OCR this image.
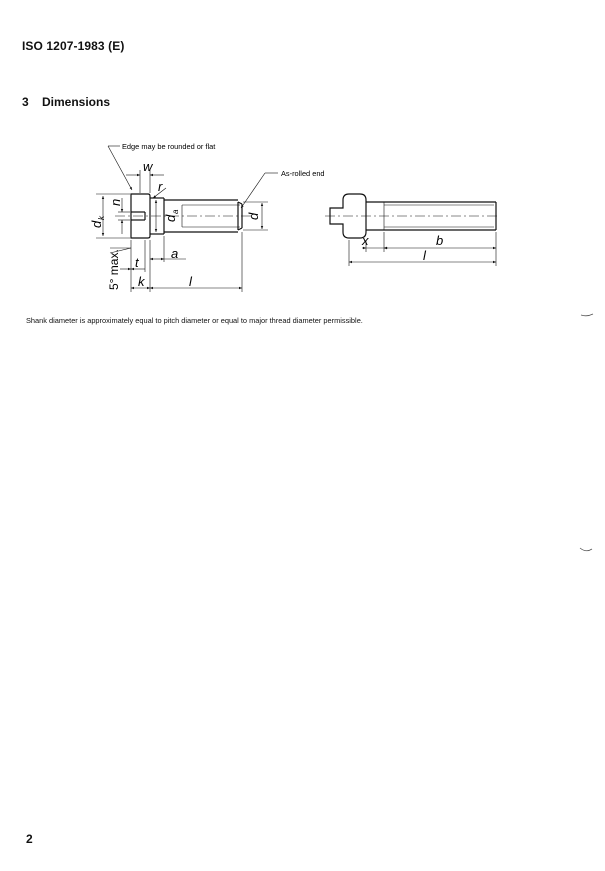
ISO 1207-1983 (E)
3 Dimensions
w
r
a
t
k	l
n
d
k	d
a
d
5° max.
Edge may be rounded or flat
As-rolled end
x	b
l
Shank diameter is approximately equal to pitch diameter or equal to major thread diameter permissible.
2
